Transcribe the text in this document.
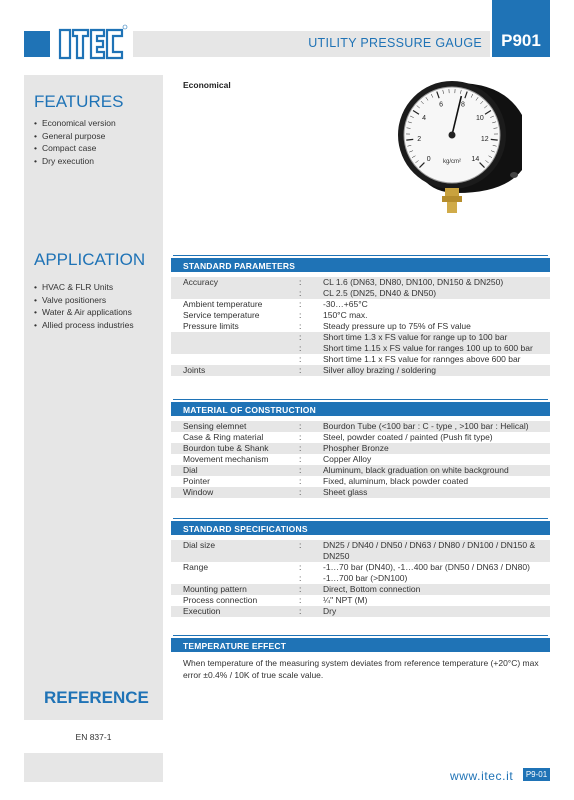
ITEC
UTILITY PRESSURE GAUGE	P901
FEATURES
• Economical version
• General purpose
• Compact case
• Dry execution
APPLICATION
• HVAC & FLR Units
• Valve positioners
• Water & Air applications
• Allied process industries
REFERENCE
EN 837-1
Economical
0
2
4
6	8
10
12
14
kg/cm²
STANDARD PARAMETERS
Accuracy	:	CL 1.6 (DN63, DN80, DN100, DN150 & DN250)
:	CL 2.5 (DN25, DN40 & DN50)
Ambient temperature	:	-30…+65°C
Service temperature	:	150°C max.
Pressure limits	:	Steady pressure up to 75% of FS value
:	Short time 1.3 x FS value for range up to 100 bar
:	Short time 1.15 x FS value for ranges 100 up to 600 bar
:	Short time 1.1 x FS value for rannges above 600 bar
Joints	:	Silver alloy brazing / soldering
MATERIAL OF CONSTRUCTION
Sensing elemnet	:	Bourdon Tube (<100 bar : C - type , >100 bar : Helical)
Case & Ring material	:	Steel, powder coated / painted (Push fit type)
Bourdon tube & Shank	:	Phospher Bronze
Movement mechanism	:	Copper Alloy
Dial	:	Aluminum, black graduation on white background
Pointer	:	Fixed, aluminum, black powder coated
Window	:	Sheet glass
STANDARD SPECIFICATIONS
Dial size	:	DN25 / DN40 / DN50 / DN63 / DN80 / DN100 / DN150 & DN250
Range	:	-1…70 bar (DN40), -1…400 bar (DN50 / DN63 / DN80)
:	-1…700 bar (>DN100)
Mounting pattern	:	Direct, Bottom connection
Process connection	:	¼" NPT (M)
Execution	:	Dry
TEMPERATURE EFFECT

When temperature of the measuring system deviates from reference temperature (+20°C) max error ±0.4% / 10K of true scale value.

www.itec.it	P9-01
